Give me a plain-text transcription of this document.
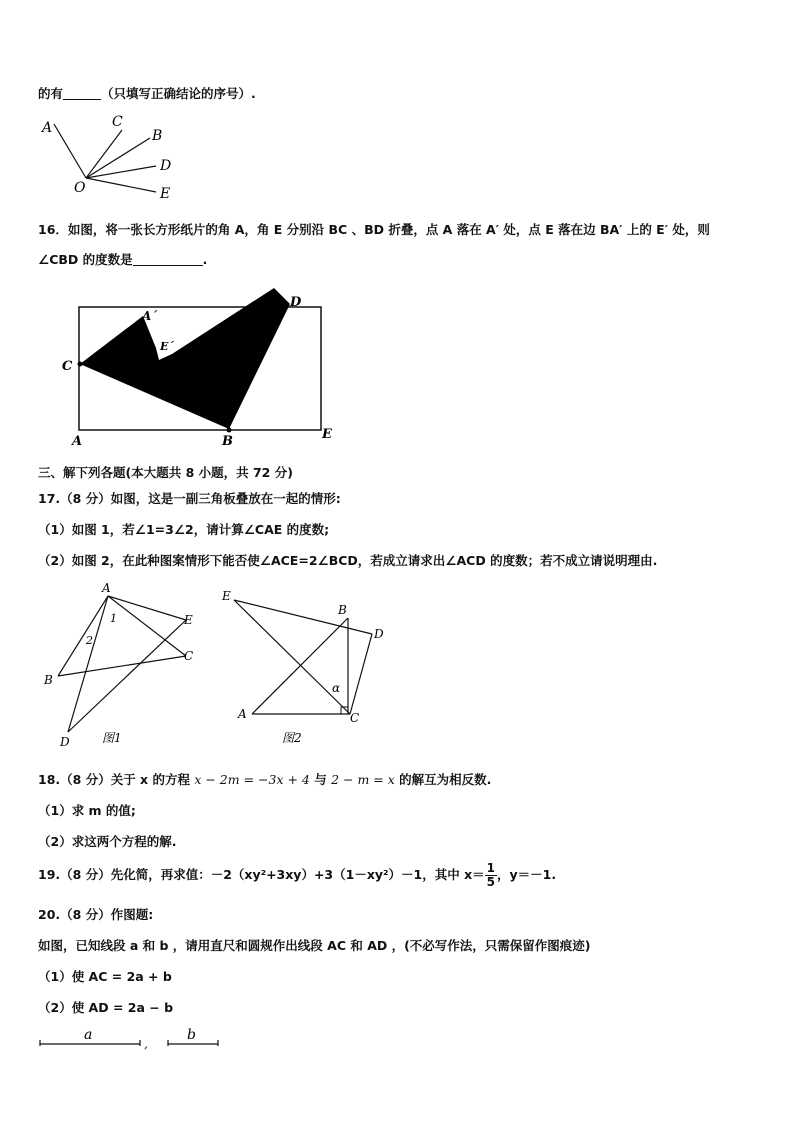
的有	（只填写正确结论的序号）.
A	C
B
D
E
O
16．如图，将一张长方形纸片的角 A，角 E 分别沿 BC 、BD 折叠，点 A 落在 A′ 处，点 E 落在边 BA′ 上的 E′ 处，则
∠CBD 的度数是	.
A´
E´
C
D
A	B	E
三、解下列各题(本大题共 8 小题，共 72 分)
17.（8 分）如图，这是一副三角板叠放在一起的情形:
（1）如图 1，若∠1=3∠2，请计算∠CAE 的度数;
（2）如图 2，在此种图案情形下能否使∠ACE=2∠BCD，若成立请求出∠ACD 的度数；若不成立请说明理由.
A
1
2
E
C
B
D	图1
E
B
D
α
A	C
图2
18.（8 分）关于 x 的方程 x − 2m = −3x + 4 与 2 − m = x 的解互为相反数.
（1）求 m 的值;
（2）求这两个方程的解.
19.（8 分）先化简，再求值：－2（xy²+3xy）+3（1－xy²）－1，其中 $x= \frac{1}{5}$ ，y＝－1.
20.（8 分）作图题:
如图，已知线段 a 和 b ，请用直尺和圆规作出线段 AC 和 AD ，(不必写作法，只需保留作图痕迹)
（1）使 AC = 2a + b
（2）使 AD = 2a − b
a	b
,
